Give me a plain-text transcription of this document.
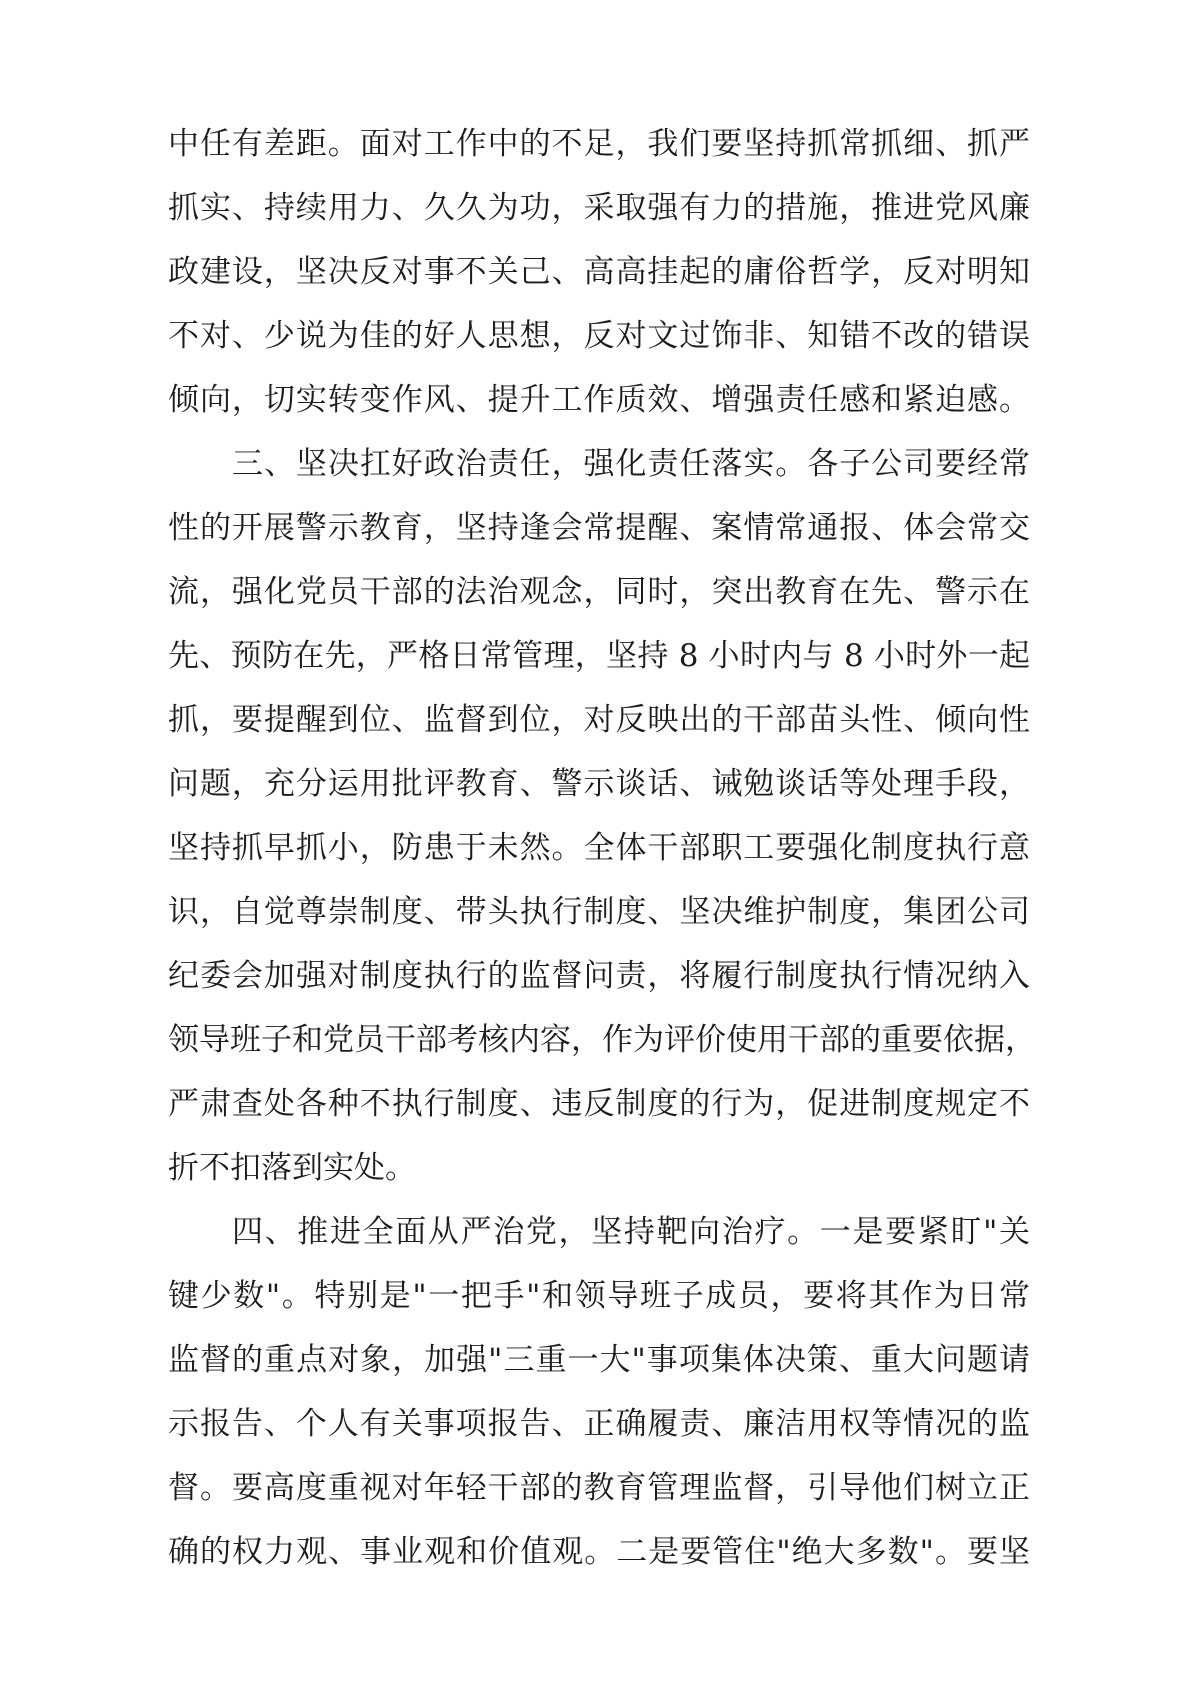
中任有差距。面对工作中的不足，我们要坚持抓常抓细、抓严
抓实、持续用力、久久为功，采取强有力的措施，推进党风廉
政建设，坚决反对事不关己、高高挂起的庸俗哲学，反对明知
不对、少说为佳的好人思想，反对文过饰非、知错不改的错误
倾向，切实转变作风、提升工作质效、增强责任感和紧迫感。
三、坚决扛好政治责任，强化责任落实。各子公司要经常
性的开展警示教育，坚持逢会常提醒、案情常通报、体会常交
流，强化党员干部的法治观念，同时，突出教育在先、警示在
先、预防在先，严格日常管理，坚持 8 小时内与 8 小时外一起
抓，要提醒到位、监督到位，对反映出的干部苗头性、倾向性
问题，充分运用批评教育、警示谈话、诫勉谈话等处理手段，
坚持抓早抓小，防患于未然。全体干部职工要强化制度执行意
识，自觉尊崇制度、带头执行制度、坚决维护制度，集团公司
纪委会加强对制度执行的监督问责，将履行制度执行情况纳入
领导班子和党员干部考核内容，作为评价使用干部的重要依据，
严肃查处各种不执行制度、违反制度的行为，促进制度规定不
折不扣落到实处。
四、推进全面从严治党，坚持靶向治疗。一是要紧盯"关
键少数"。特别是"一把手"和领导班子成员，要将其作为日常
监督的重点对象，加强"三重一大"事项集体决策、重大问题请
示报告、个人有关事项报告、正确履责、廉洁用权等情况的监
督。要高度重视对年轻干部的教育管理监督，引导他们树立正
确的权力观、事业观和价值观。二是要管住"绝大多数"。要坚
